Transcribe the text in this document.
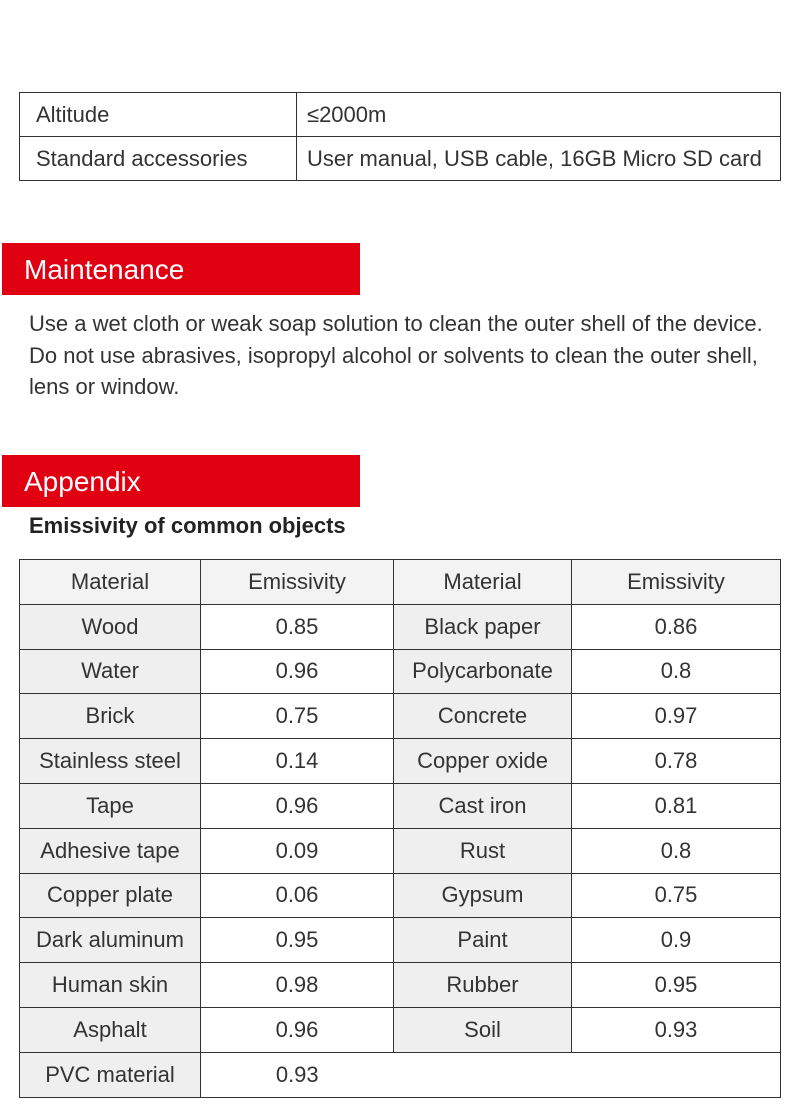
Altitude	≤2000m
Standard accessories	User manual, USB cable, 16GB Micro SD card
Maintenance

Use a wet cloth or weak soap solution to clean the outer shell of the device.

Do not use abrasives, isopropyl alcohol or solvents to clean the outer shell, lens or window.

Appendix

Emissivity of common objects

Material	Emissivity	Material	Emissivity
Wood	0.85	Black paper	0.86
Water	0.96	Polycarbonate	0.8
Brick	0.75	Concrete	0.97
Stainless steel	0.14	Copper oxide	0.78
Tape	0.96	Cast iron	0.81
Adhesive tape	0.09	Rust	0.8
Copper plate	0.06	Gypsum	0.75
Dark aluminum	0.95	Paint	0.9
Human skin	0.98	Rubber	0.95
Asphalt	0.96	Soil	0.93
PVC material	0.93		
